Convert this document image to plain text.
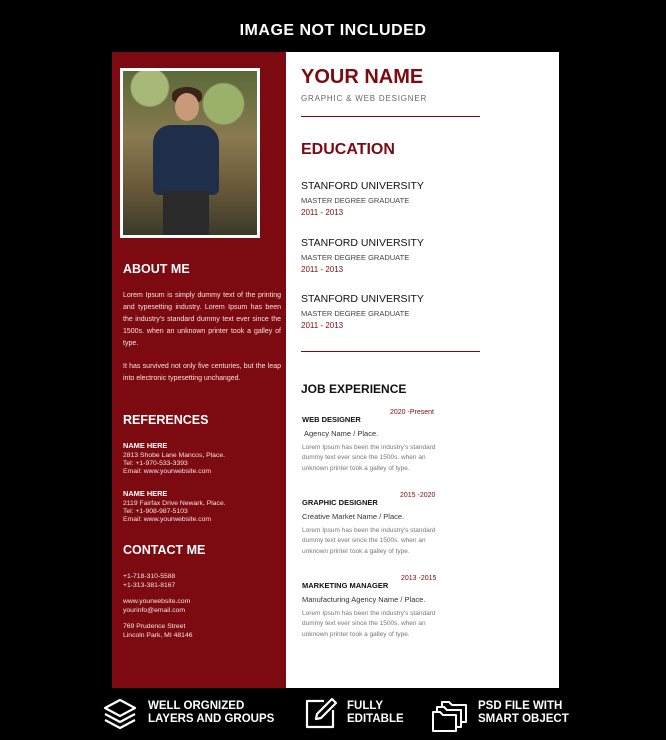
IMAGE NOT INCLUDED
ABOUT ME
Lorem Ipsum is simply dummy text of the printing and typesetting industry. Lorem Ipsum has been the industry's standard dummy text ever since the 1500s. when an unknown printer took a galley of type.
It has survived not only five centuries, but the leap into electronic typesetting unchanged.
REFERENCES
NAME HERE
2813 Shobe Lane Mancos, Place.
Tel: +1-970-533-3393
Email: www.yourwebsite.com
NAME HERE
2119 Fairfax Drive Newark, Place.
Tel: +1-908-987-5103
Email: www.yourwebsite.com
CONTACT ME
+1-718-310-5588
+1-313-381-8167
www.yourwebsite.com
yourinfo@email.com
769 Prudence Street
Lincoln Park, MI 48146
YOUR NAME
GRAPHIC & WEB DESIGNER
EDUCATION
STANFORD UNIVERSITY
MASTER DEGREE GRADUATE
2011 - 2013
STANFORD UNIVERSITY
MASTER DEGREE GRADUATE
2011 - 2013
STANFORD UNIVERSITY
MASTER DEGREE GRADUATE
2011 - 2013
JOB EXPERIENCE
WEB DESIGNER
2020 -Present
Agency Name / Place.
Lorem Ipsum has been the industry's standard dummy text ever since the 1500s. when an unknown printer took a galley of type.
GRAPHIC DESIGNER
2015 -2020
Creative Market Name / Place.
Lorem Ipsum has been the industry's standard dummy text ever since the 1500s. when an unknown printer took a galley of type.
MARKETING MANAGER
2013 -2015
Manufacturing Agency Name / Place.
Lorem Ipsum has been the industry's standard dummy text ever since the 1500s. when an unknown printer took a galley of type.
WELL ORGNIZED
LAYERS AND GROUPS
FULLY
EDITABLE
PSD FILE WITH
SMART OBJECT
